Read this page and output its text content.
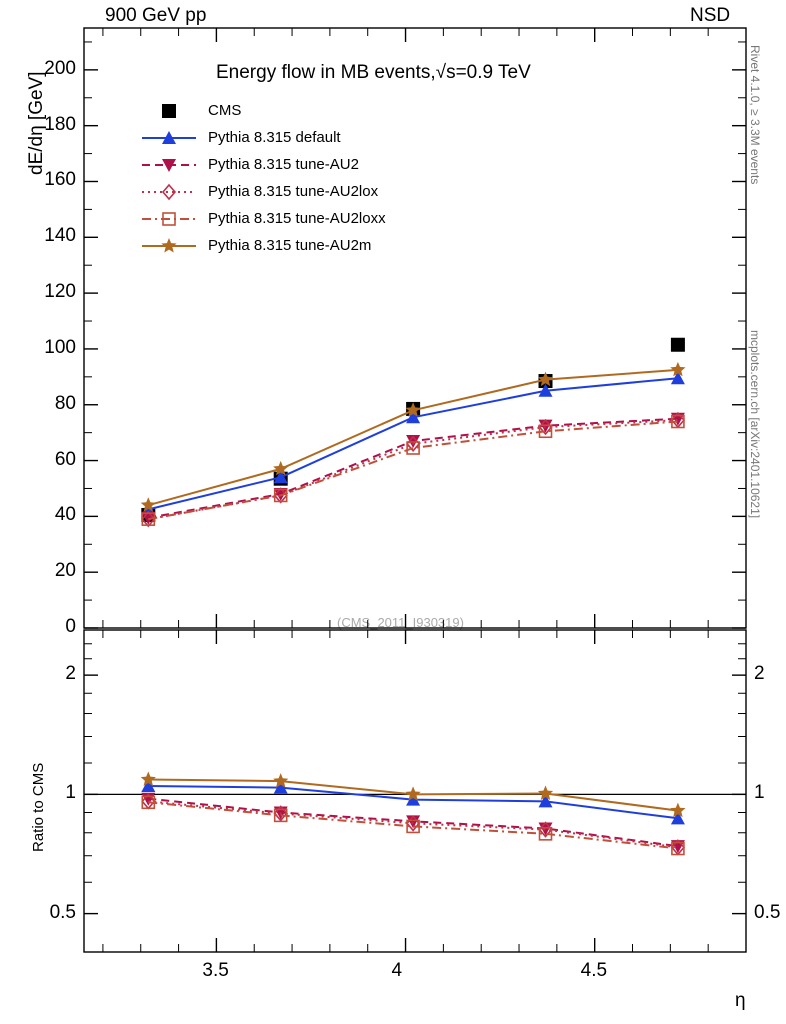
900 GeV pp	NSD
Rivet 4.1.0, ≥ 3.3M events
mcplots.cern.ch [arXiv:2401.10621]
dE/dη [GeV]
Ratio to CMS
η
Energy flow in MB events,√s=0.9 TeV
(CMS_2011_I930319)
0
20
40
60
80
100
120
140
160
180
200
0.5	0.5
1	1
2	2
3.5	4	4.5
CMS
Pythia 8.315 default
Pythia 8.315 tune-AU2
Pythia 8.315 tune-AU2lox
Pythia 8.315 tune-AU2loxx
Pythia 8.315 tune-AU2m
